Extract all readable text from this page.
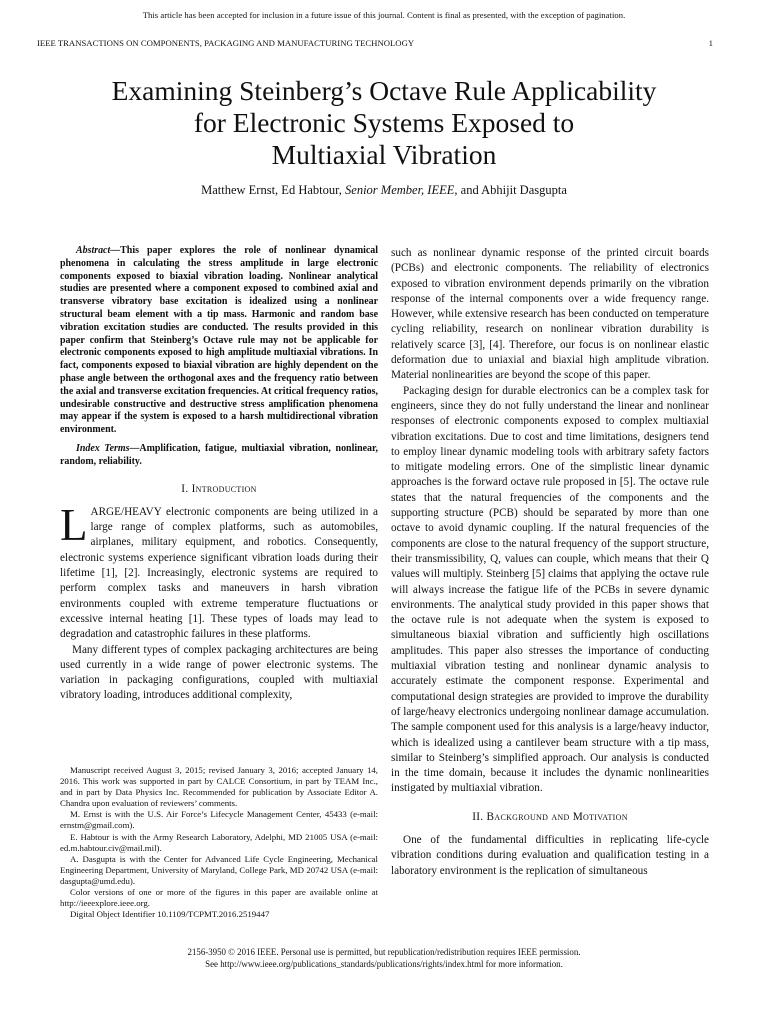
This article has been accepted for inclusion in a future issue of this journal. Content is final as presented, with the exception of pagination.
IEEE TRANSACTIONS ON COMPONENTS, PACKAGING AND MANUFACTURING TECHNOLOGY	1
Examining Steinberg’s Octave Rule Applicability
for Electronic Systems Exposed to
Multiaxial Vibration
Matthew Ernst, Ed Habtour, Senior Member, IEEE, and Abhijit Dasgupta

Abstract—This paper explores the role of nonlinear dynamical phenomena in calculating the stress amplitude in large electronic components exposed to biaxial vibration loading. Nonlinear analytical studies are presented where a component exposed to combined axial and transverse vibratory base excitation is idealized using a nonlinear structural beam element with a tip mass. Harmonic and random base vibration excitation studies are conducted. The results provided in this paper confirm that Steinberg’s Octave rule may not be applicable for electronic components exposed to high amplitude multiaxial vibrations. In fact, components exposed to biaxial vibration are highly dependent on the phase angle between the orthogonal axes and the frequency ratio between the axial and transverse excitation frequencies. At critical frequency ratios, undesirable constructive and destructive stress amplification phenomena may appear if the system is exposed to a harsh multidirectional vibration environment.

Index Terms—Amplification, fatigue, multiaxial vibration, nonlinear, random, reliability.

I. Introduction

LARGE/HEAVY electronic components are being utilized in a large range of complex platforms, such as automobiles, airplanes, military equipment, and robotics. Consequently, electronic systems experience significant vibration loads during their lifetime [1], [2]. Increasingly, electronic systems are required to perform complex tasks and maneuvers in harsh vibration environments coupled with extreme temperature fluctuations or excessive internal heating [1]. These types of loads may lead to degradation and catastrophic failures in these platforms.

Many different types of complex packaging architectures are being used currently in a wide range of power electronic systems. The variation in packaging configurations, coupled with multiaxial vibratory loading, introduces additional complexity,

Manuscript received August 3, 2015; revised January 3, 2016; accepted January 14, 2016. This work was supported in part by CALCE Consortium, in part by TEAM Inc., and in part by Data Physics Inc. Recommended for publication by Associate Editor A. Chandra upon evaluation of reviewers’ comments.

M. Ernst is with the U.S. Air Force’s Lifecycle Management Center, 45433 (e-mail: ernstm@gmail.com).

E. Habtour is with the Army Research Laboratory, Adelphi, MD 21005 USA (e-mail: ed.m.habtour.civ@mail.mil).

A. Dasgupta is with the Center for Advanced Life Cycle Engineering, Mechanical Engineering Department, University of Maryland, College Park, MD 20742 USA (e-mail: dasgupta@umd.edu).

Color versions of one or more of the figures in this paper are available online at http://ieeexplore.ieee.org.

Digital Object Identifier 10.1109/TCPMT.2016.2519447

such as nonlinear dynamic response of the printed circuit boards (PCBs) and electronic components. The reliability of electronics exposed to vibration environment depends primarily on the vibration response of the internal components over a wide frequency range. However, while extensive research has been conducted on temperature cycling reliability, research on nonlinear vibration durability is relatively scarce [3], [4]. Therefore, our focus is on nonlinear elastic deformation due to uniaxial and biaxial high amplitude vibration. Material nonlinearities are beyond the scope of this paper.

Packaging design for durable electronics can be a complex task for engineers, since they do not fully understand the linear and nonlinear responses of electronic components exposed to complex multiaxial vibration excitations. Due to cost and time limitations, designers tend to employ linear dynamic modeling tools with arbitrary safety factors to mitigate modeling errors. One of the simplistic linear dynamic approaches is the forward octave rule proposed in [5]. The octave rule states that the natural frequencies of the components and the supporting structure (PCB) should be separated by more than one octave to avoid dynamic coupling. If the natural frequencies of the components are close to the natural frequency of the support structure, their transmissibility, Q, values can couple, which means that their Q values will multiply. Steinberg [5] claims that applying the octave rule will always increase the fatigue life of the PCBs in severe dynamic environments. The analytical study provided in this paper shows that the octave rule is not adequate when the system is exposed to simultaneous biaxial vibration and sufficiently high oscillations amplitudes. This paper also stresses the importance of conducting multiaxial vibration testing and nonlinear dynamic analysis to accurately estimate the component response. Experimental and computational design strategies are provided to improve the durability of large/heavy electronics undergoing nonlinear damage accumulation. The sample component used for this analysis is a large/heavy inductor, which is idealized using a cantilever beam structure with a tip mass, similar to Steinberg’s simplified approach. Our analysis is conducted in the time domain, because it includes the dynamic nonlinearities instigated by multiaxial vibration.

II. Background and Motivation

One of the fundamental difficulties in replicating life-cycle vibration conditions during evaluation and qualification testing in a laboratory environment is the replication of simultaneous

2156-3950 © 2016 IEEE. Personal use is permitted, but republication/redistribution requires IEEE permission.
See http://www.ieee.org/publications_standards/publications/rights/index.html for more information.
